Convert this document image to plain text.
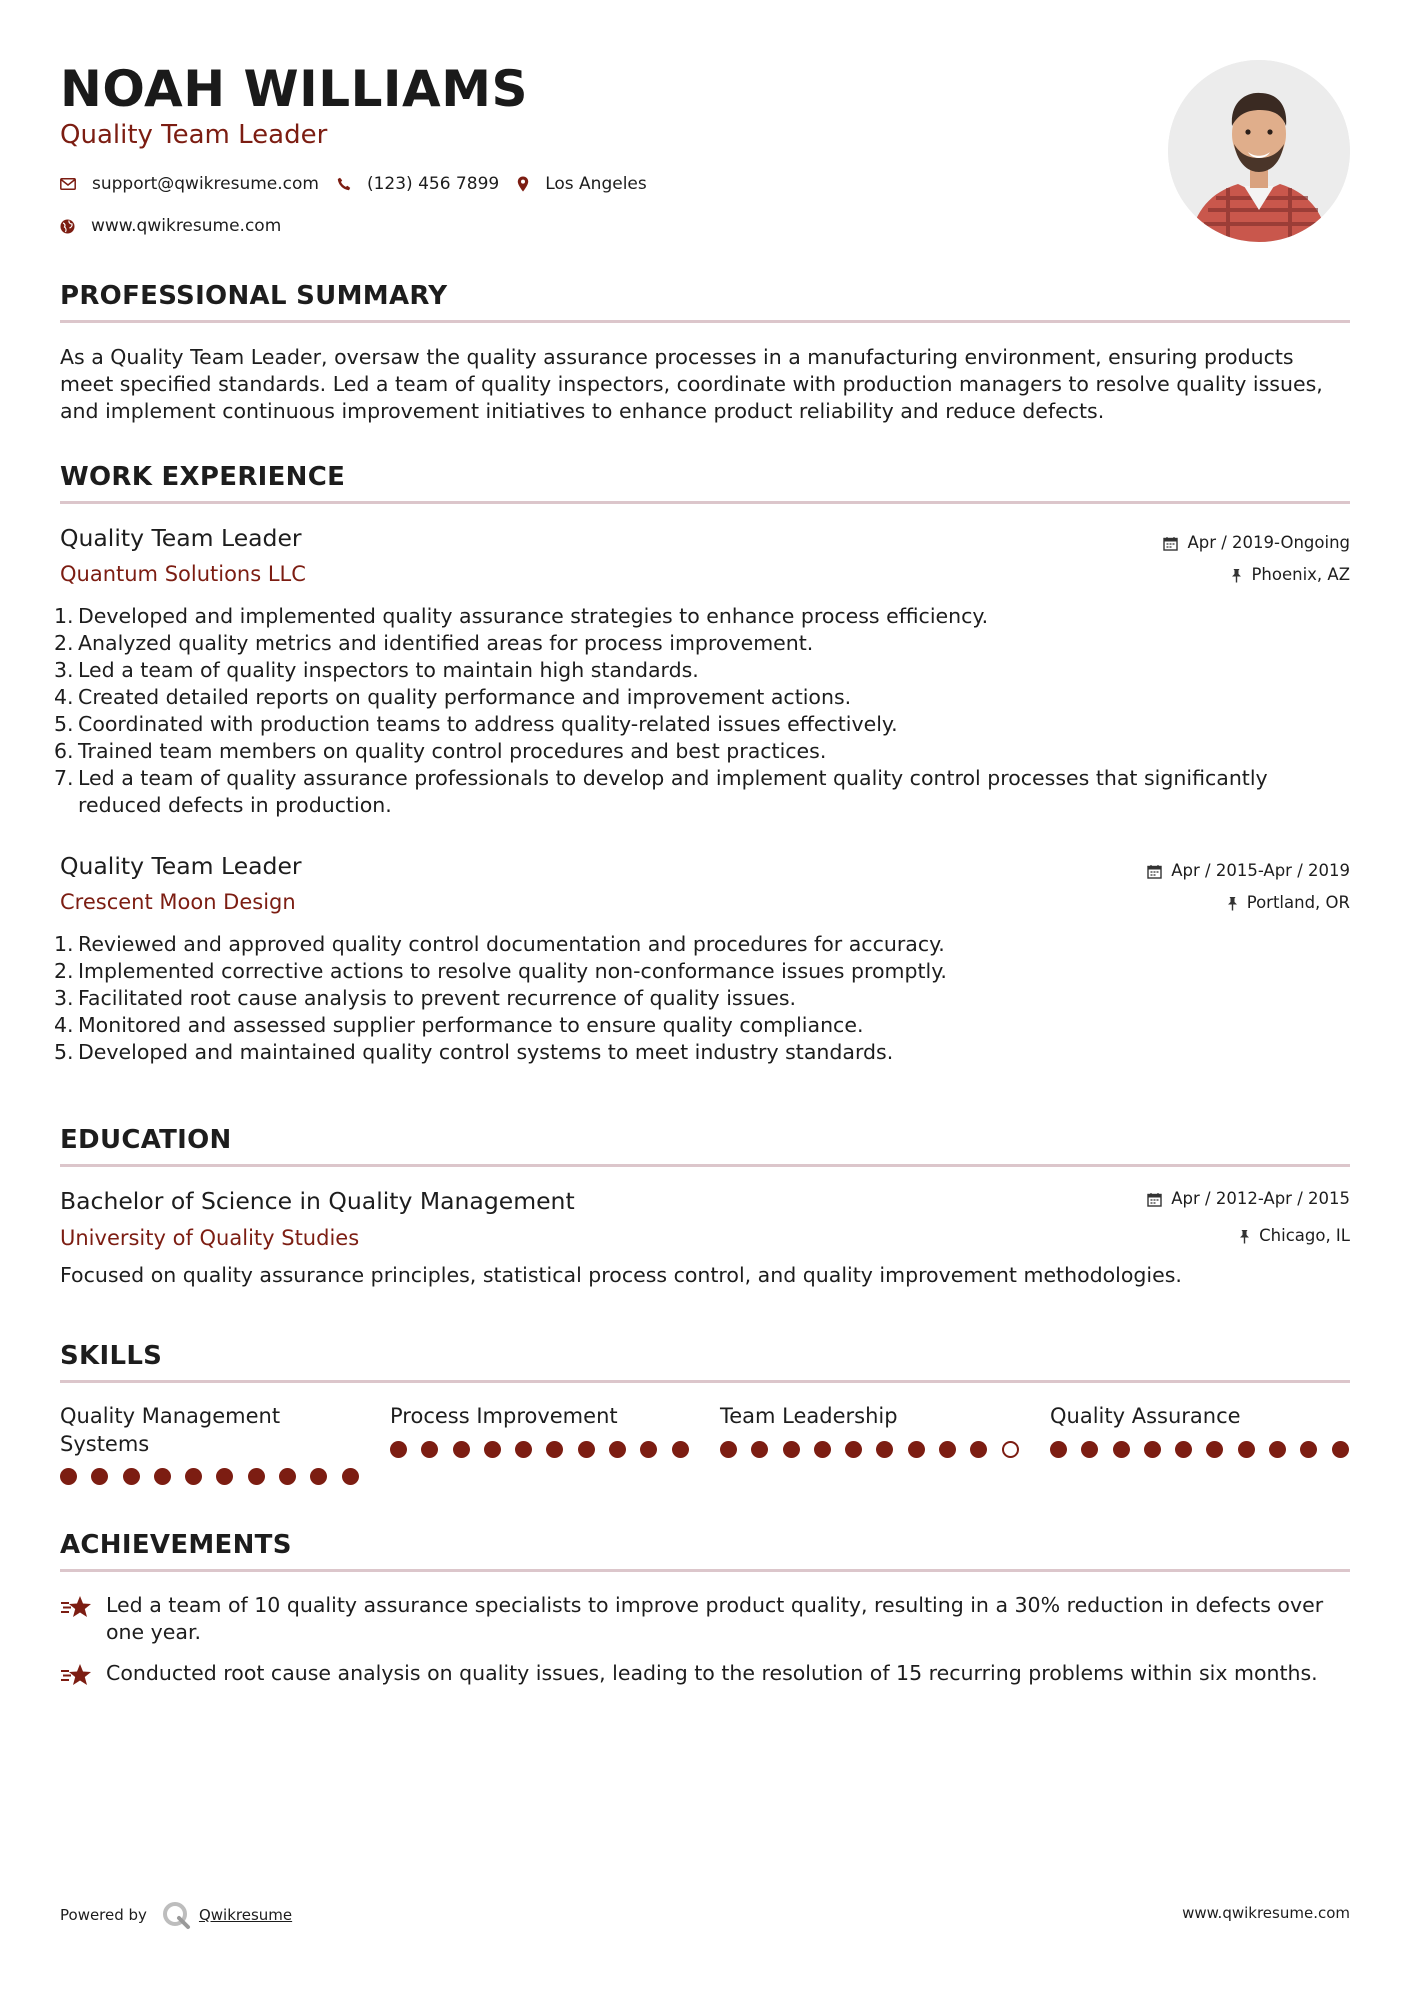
NOAH WILLIAMS
Quality Team Leader
support@qwikresume.com	(123) 456 7899	Los Angeles
www.qwikresume.com
PROFESSIONAL SUMMARY

As a Quality Team Leader, oversaw the quality assurance processes in a manufacturing environment, ensuring products meet specified standards. Led a team of quality inspectors, coordinate with production managers to resolve quality issues, and implement continuous improvement initiatives to enhance product reliability and reduce defects.

WORK EXPERIENCE
Quality Team Leader
Quantum Solutions LLC
Apr / 2019-Ongoing
Phoenix, AZ
1. Developed and implemented quality assurance strategies to enhance process efficiency.
2. Analyzed quality metrics and identified areas for process improvement.
3. Led a team of quality inspectors to maintain high standards.
4. Created detailed reports on quality performance and improvement actions.
5. Coordinated with production teams to address quality-related issues effectively.
6. Trained team members on quality control procedures and best practices.
7. Led a team of quality assurance professionals to develop and implement quality control processes that significantly reduced defects in production.
Quality Team Leader
Crescent Moon Design
Apr / 2015-Apr / 2019
Portland, OR
1. Reviewed and approved quality control documentation and procedures for accuracy.
2. Implemented corrective actions to resolve quality non-conformance issues promptly.
3. Facilitated root cause analysis to prevent recurrence of quality issues.
4. Monitored and assessed supplier performance to ensure quality compliance.
5. Developed and maintained quality control systems to meet industry standards.
EDUCATION
Bachelor of Science in Quality Management
University of Quality Studies
Apr / 2012-Apr / 2015
Chicago, IL

Focused on quality assurance principles, statistical process control, and quality improvement methodologies.

SKILLS
Quality Management Systems
Process Improvement	Team Leadership	Quality Assurance
ACHIEVEMENTS
Led a team of 10 quality assurance specialists to improve product quality, resulting in a 30% reduction in defects over one year.
Conducted root cause analysis on quality issues, leading to the resolution of 15 recurring problems within six months.
Powered by	Qwikresume	www.qwikresume.com
